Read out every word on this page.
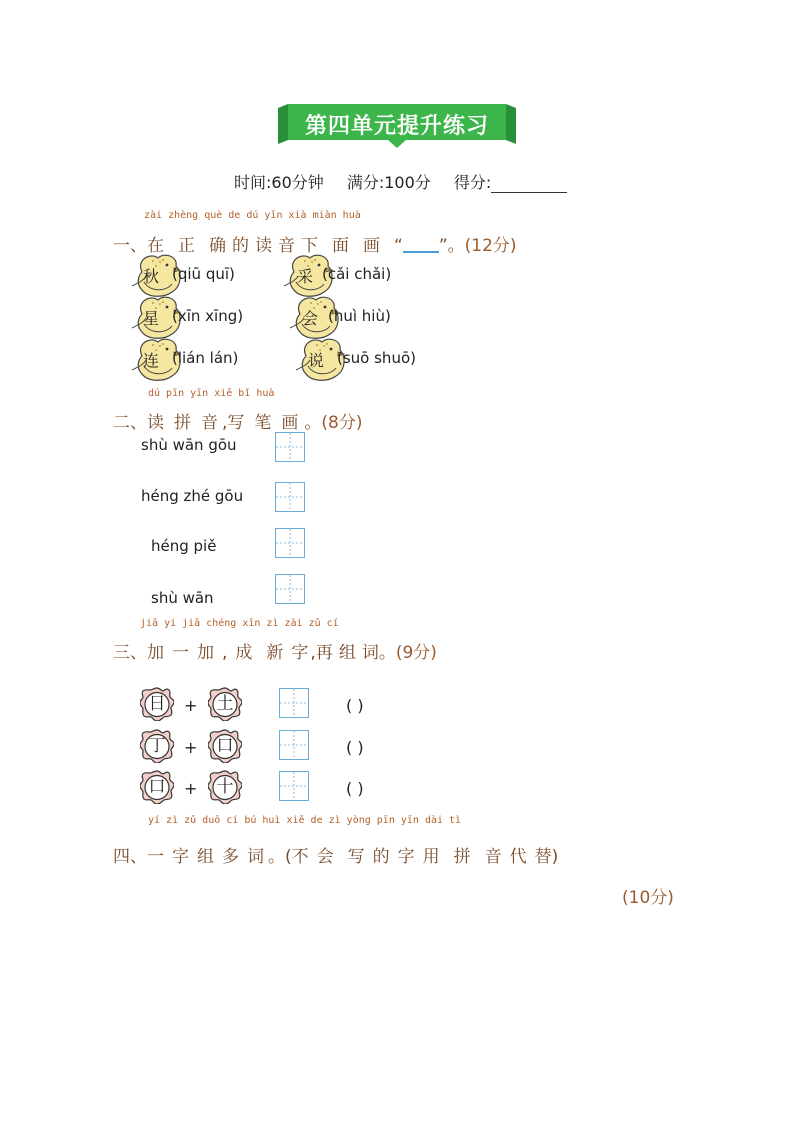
第四单元提升练习
时间:60分钟 满分:100分 得分:
zài zhèng què de dú yīn xià miàn huà
一、在 正 确 的 读 音 下 面 画 “ ”。(12分)
秋 (qiū quī)	采 (cǎi chǎi)
星 (xīn xīng)	会 (huì hiù)
连 (lián lán)	说 (suō shuō)
dú pīn yīn xiě bǐ huà
二、读 拼 音 ,写 笔 画 。(8分)
shù wān gōu
héng zhé gōu
héng piě
shù wān
jiā yi jiā chéng xīn zì zài zǔ cí
三、加 一 加 , 成 新 字 ,再 组 词。(9分)
日	+	土	( )
丁	+	口	( )
口	+	十	( )
yí zì zǔ duō cí bú huì xiě de zì yòng pīn yīn dài tì
四、一 字 组 多 词 。(不 会 写 的 字 用 拼 音 代 替)
(10分)
